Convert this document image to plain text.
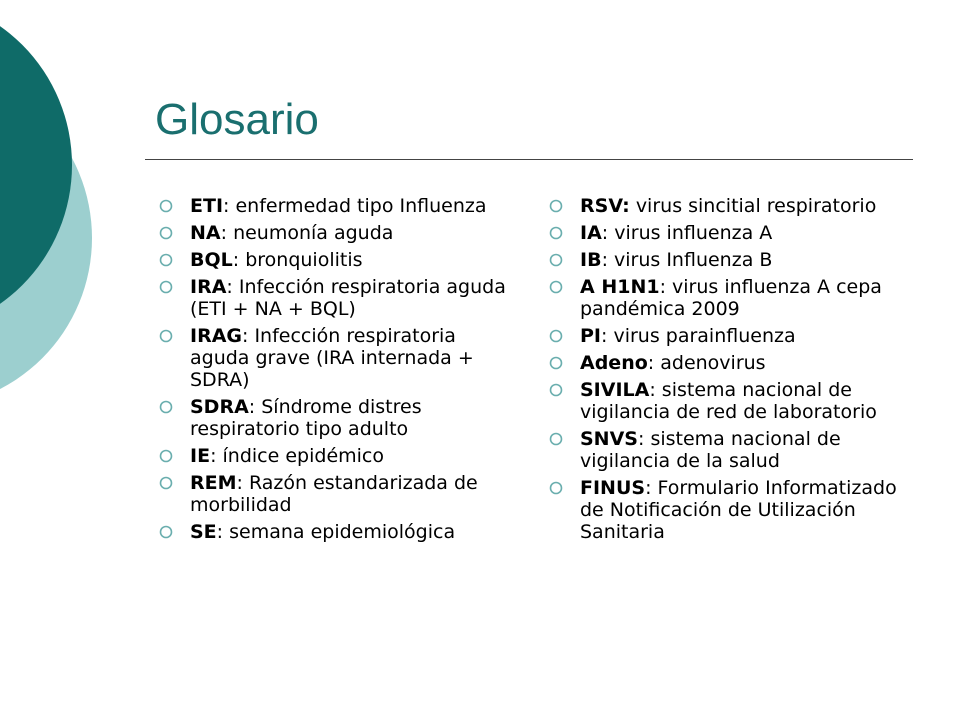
Glosario
ETI: enfermedad tipo Influenza
NA: neumonía aguda
BQL: bronquiolitis
IRA: Infección respiratoria aguda (ETI + NA + BQL)
IRAG: Infección respiratoria aguda grave (IRA internada + SDRA)
SDRA: Síndrome distres respiratorio tipo adulto
IE: índice epidémico
REM: Razón estandarizada de morbilidad
SE: semana epidemiológica
RSV: virus sincitial respiratorio
IA: virus influenza A
IB: virus Influenza B
A H1N1: virus influenza A cepa pandémica 2009
PI: virus parainfluenza
Adeno: adenovirus
SIVILA: sistema nacional de vigilancia de red de laboratorio
SNVS: sistema nacional de vigilancia de la salud
FINUS: Formulario Informatizado de Notificación de Utilización Sanitaria
